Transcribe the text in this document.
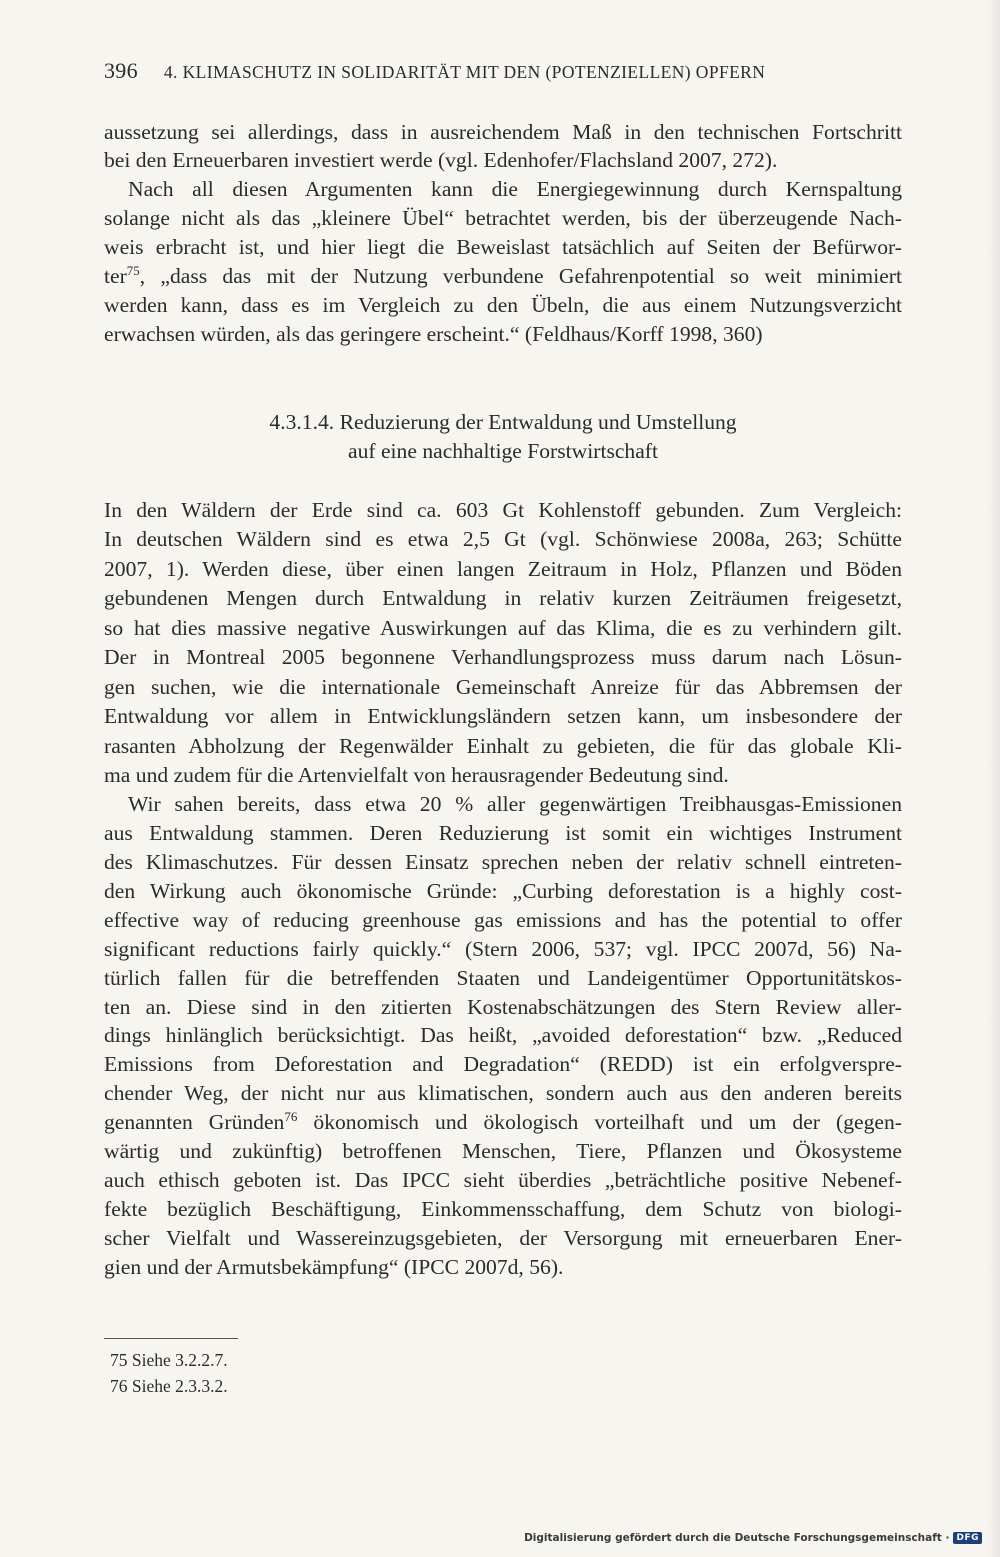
396 4. KLIMASCHUTZ IN SOLIDARITÄT MIT DEN (POTENZIELLEN) OPFERN
aussetzung sei allerdings, dass in ausreichendem Maß in den technischen Fortschritt
bei den Erneuerbaren investiert werde (vgl. Edenhofer/Flachsland 2007, 272).
Nach all diesen Argumenten kann die Energiegewinnung durch Kernspaltung
solange nicht als das „kleinere Übel“ betrachtet werden, bis der überzeugende Nach-
weis erbracht ist, und hier liegt die Beweislast tatsächlich auf Seiten der Befürwor-
ter$^{75}$, „dass das mit der Nutzung verbundene Gefahrenpotential so weit minimiert
werden kann, dass es im Vergleich zu den Übeln, die aus einem Nutzungsverzicht
erwachsen würden, als das geringere erscheint.“ (Feldhaus/Korff 1998, 360)
4.3.1.4. Reduzierung der Entwaldung und Umstellung
auf eine nachhaltige Forstwirtschaft
In den Wäldern der Erde sind ca. 603 Gt Kohlenstoff gebunden. Zum Vergleich:
In deutschen Wäldern sind es etwa 2,5 Gt (vgl. Schönwiese 2008a, 263; Schütte
2007, 1). Werden diese, über einen langen Zeitraum in Holz, Pflanzen und Böden
gebundenen Mengen durch Entwaldung in relativ kurzen Zeiträumen freigesetzt,
so hat dies massive negative Auswirkungen auf das Klima, die es zu verhindern gilt.
Der in Montreal 2005 begonnene Verhandlungsprozess muss darum nach Lösun-
gen suchen, wie die internationale Gemeinschaft Anreize für das Abbremsen der
Entwaldung vor allem in Entwicklungsländern setzen kann, um insbesondere der
rasanten Abholzung der Regenwälder Einhalt zu gebieten, die für das globale Kli-
ma und zudem für die Artenvielfalt von herausragender Bedeutung sind.
Wir sahen bereits, dass etwa 20 % aller gegenwärtigen Treibhausgas-Emissionen
aus Entwaldung stammen. Deren Reduzierung ist somit ein wichtiges Instrument
des Klimaschutzes. Für dessen Einsatz sprechen neben der relativ schnell eintreten-
den Wirkung auch ökonomische Gründe: „Curbing deforestation is a highly cost-
effective way of reducing greenhouse gas emissions and has the potential to offer
significant reductions fairly quickly.“ (Stern 2006, 537; vgl. IPCC 2007d, 56) Na-
türlich fallen für die betreffenden Staaten und Landeigentümer Opportunitätskos-
ten an. Diese sind in den zitierten Kostenabschätzungen des Stern Review aller-
dings hinlänglich berücksichtigt. Das heißt, „avoided deforestation“ bzw. „Reduced
Emissions from Deforestation and Degradation“ (REDD) ist ein erfolgverspre-
chender Weg, der nicht nur aus klimatischen, sondern auch aus den anderen bereits
genannten Gründen$^{76}$ ökonomisch und ökologisch vorteilhaft und um der (gegen-
wärtig und zukünftig) betroffenen Menschen, Tiere, Pflanzen und Ökosysteme
auch ethisch geboten ist. Das IPCC sieht überdies „beträchtliche positive Nebenef-
fekte bezüglich Beschäftigung, Einkommensschaffung, dem Schutz von biologi-
scher Vielfalt und Wassereinzugsgebieten, der Versorgung mit erneuerbaren Ener-
gien und der Armutsbekämpfung“ (IPCC 2007d, 56).
75 Siehe 3.2.2.7.
76 Siehe 2.3.3.2.
Digitalisierung gefördert durch die Deutsche Forschungsgemeinschaft · DFG
